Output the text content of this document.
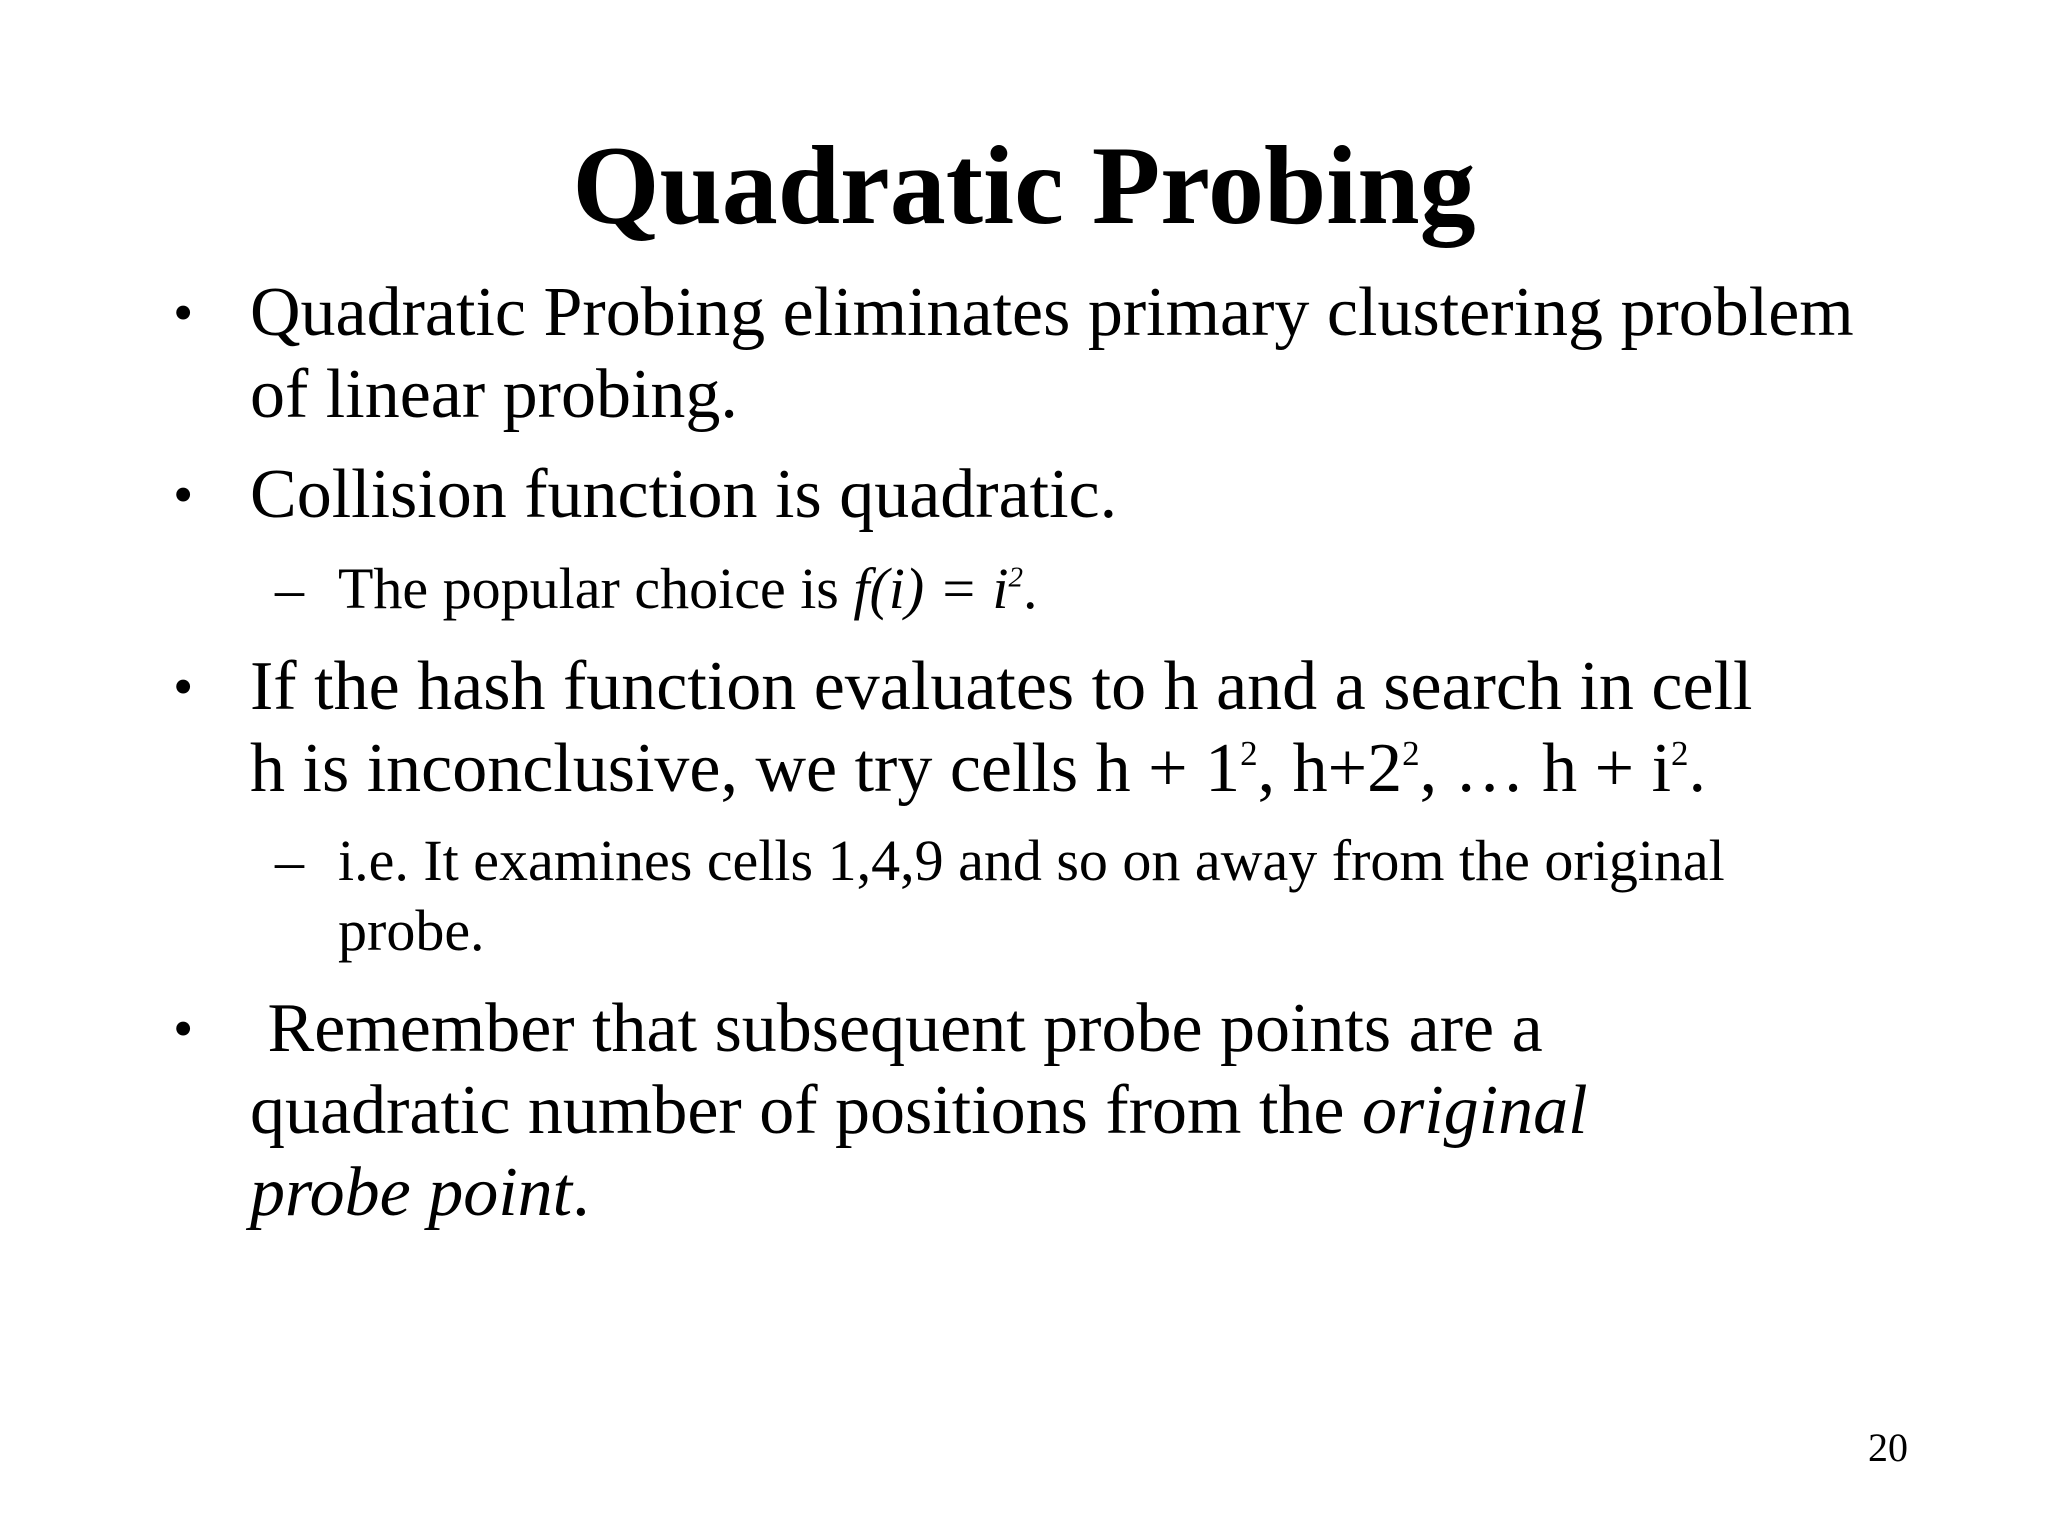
Quadratic Probing
• Quadratic Probing eliminates primary clustering problem of linear probing.
• Collision function is quadratic.
– The popular choice is $f(i) = i^2$.
• If the hash function evaluates to h and a search in cell
h is inconclusive, we try cells $h + 1^2$, $h+2^2$, … $h + i^2$.
– i.e. It examines cells 1,4,9 and so on away from the original probe.
• Remember that subsequent probe points are a quadratic number of positions from the original probe point.
20
